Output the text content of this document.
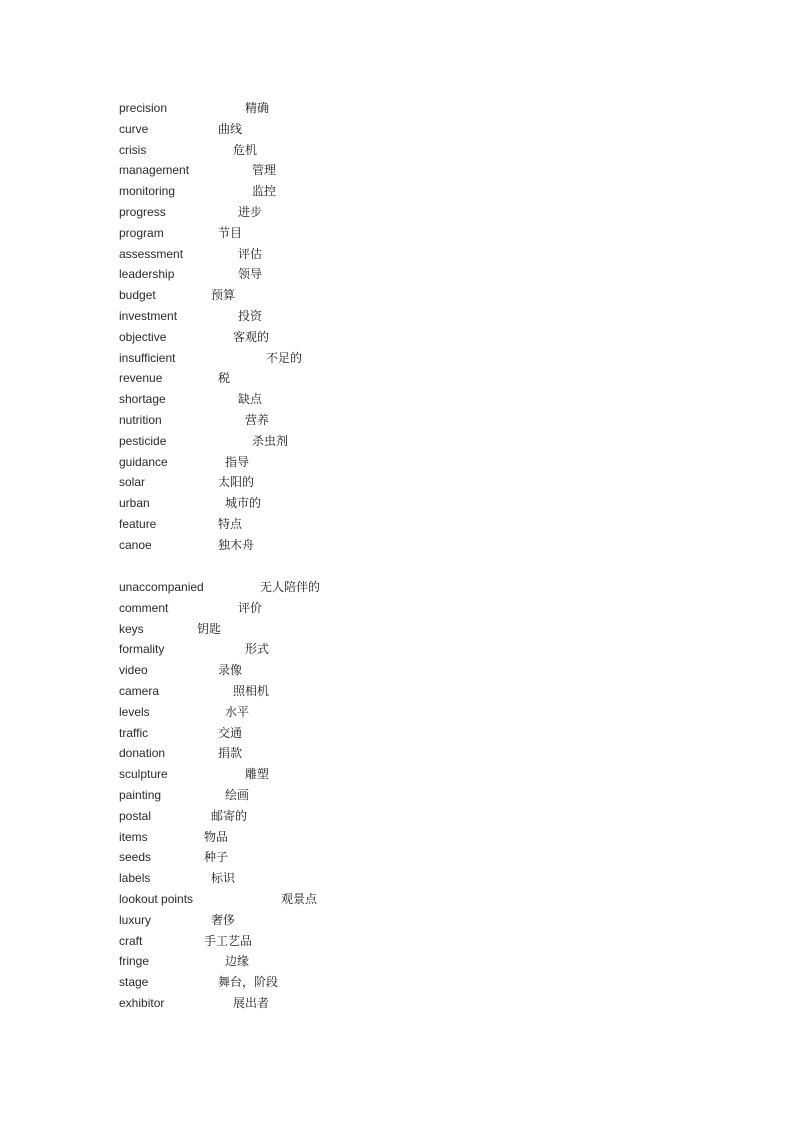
precision	精确
curve	曲线
crisis	危机
management	管理
monitoring	监控
progress	进步
program	节目
assessment	评估
leadership	领导
budget	预算
investment	投资
objective	客观的
insufficient	不足的
revenue	税
shortage	缺点
nutrition	营养
pesticide	杀虫剂
guidance	指导
solar	太阳的
urban	城市的
feature	特点
canoe	独木舟
unaccompanied	无人陪伴的
comment	评价
keys	钥匙
formality	形式
video	录像
camera	照相机
levels	水平
traffic	交通
donation	捐款
sculpture	雕塑
painting	绘画
postal	邮寄的
items	物品
seeds	种子
labels	标识
lookout points	观景点
luxury	奢侈
craft	手工艺品
fringe	边缘
stage	舞台，阶段
exhibitor	展出者
